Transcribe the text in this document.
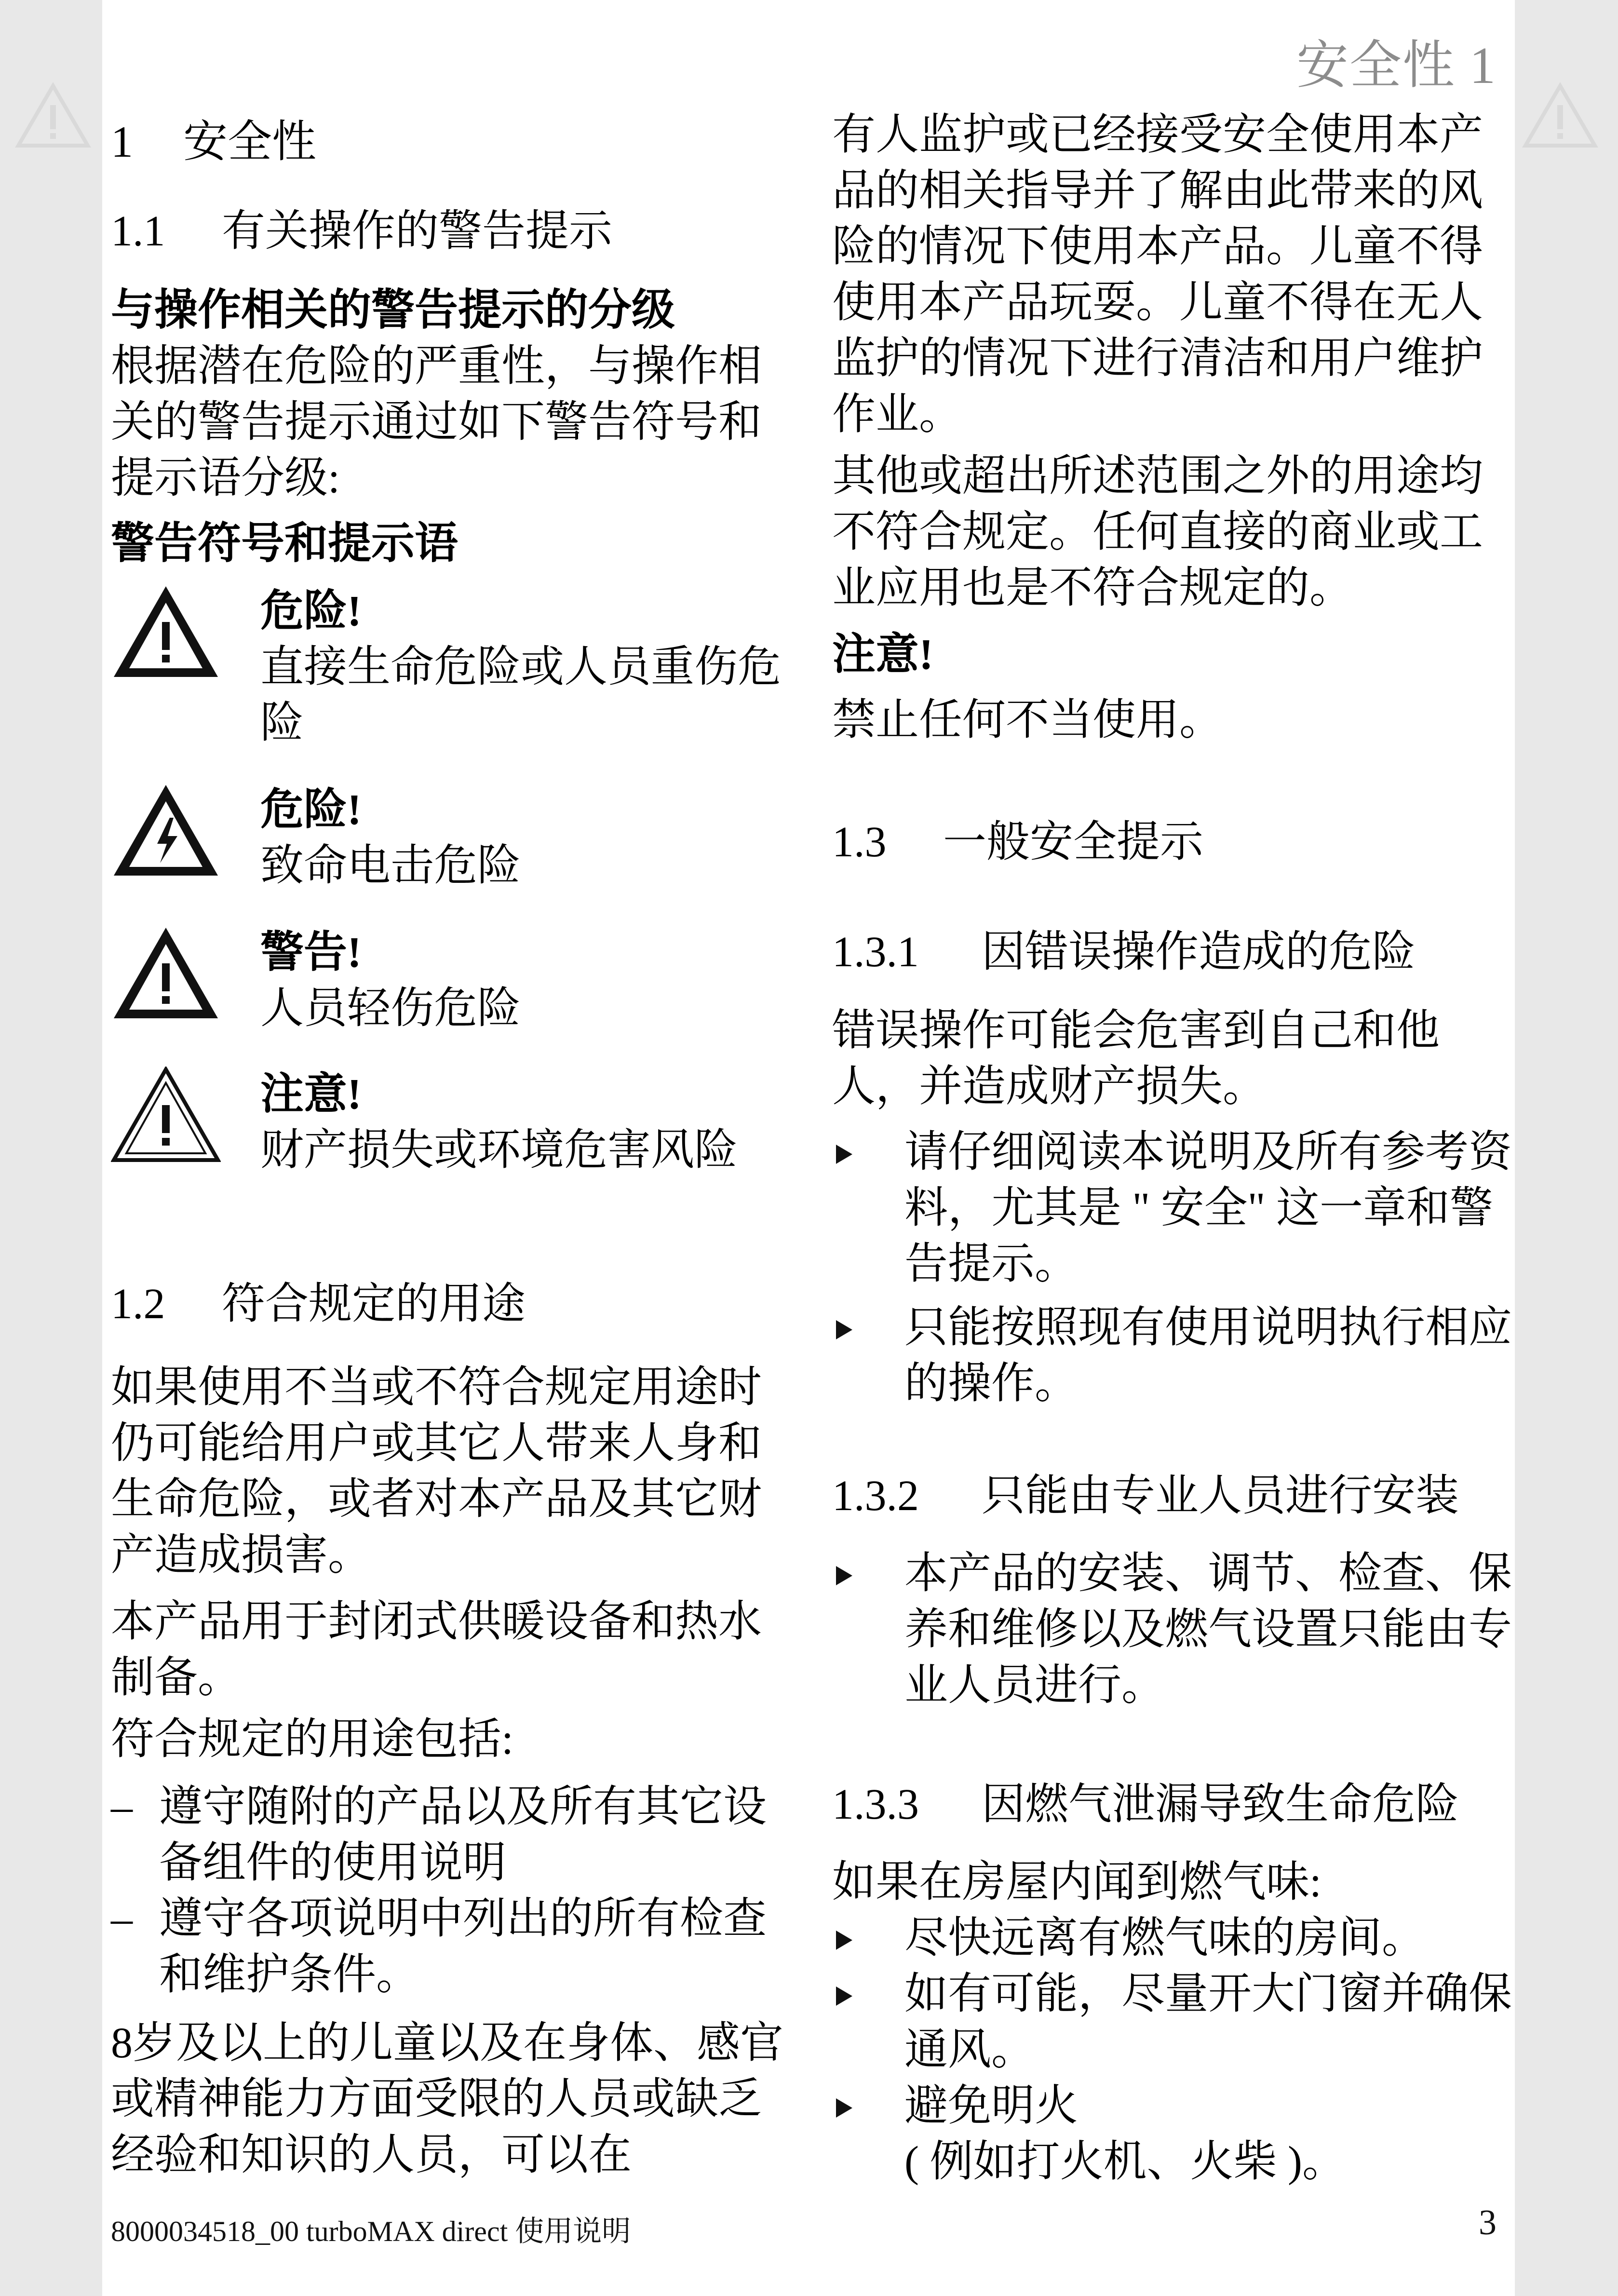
安全性 1
1 安全性
1.1 有关操作的警告提示
与操作相关的警告提示的分级
根据潜在危险的严重性，与操作相关的警告提示通过如下警告符号和提示语分级:
警告符号和提示语
危险!
直接生命危险或人员重伤危险
危险!
致命电击危险
警告!
人员轻伤危险
注意!
财产损失或环境危害风险
1.2 符合规定的用途
如果使用不当或不符合规定用途时仍可能给用户或其它人带来人身和生命危险，或者对本产品及其它财产造成损害。
本产品用于封闭式供暖设备和热水制备。
符合规定的用途包括:
– 遵守随附的产品以及所有其它设备组件的使用说明
– 遵守各项说明中列出的所有检查和维护条件。
8岁及以上的儿童以及在身体、感官或精神能力方面受限的人员或缺乏经验和知识的人员，可以在
有人监护或已经接受安全使用本产品的相关指导并了解由此带来的风险的情况下使用本产品。儿童不得使用本产品玩耍。儿童不得在无人监护的情况下进行清洁和用户维护作业。
其他或超出所述范围之外的用途均不符合规定。任何直接的商业或工业应用也是不符合规定的。
注意!
禁止任何不当使用。
1.3 一般安全提示
1.3.1 因错误操作造成的危险
错误操作可能会危害到自己和他人，并造成财产损失。
请仔细阅读本说明及所有参考资料，尤其是 " 安全" 这一章和警告提示。
只能按照现有使用说明执行相应的操作。
1.3.2 只能由专业人员进行安装
本产品的安装、调节、检查、保养和维修以及燃气设置只能由专业人员进行。
1.3.3 因燃气泄漏导致生命危险
如果在房屋内闻到燃气味:
尽快远离有燃气味的房间。
如有可能，尽量开大门窗并确保通风。
避免明火
( 例如打火机、火柴 )。
8000034518_00 turboMAX direct 使用说明	3
